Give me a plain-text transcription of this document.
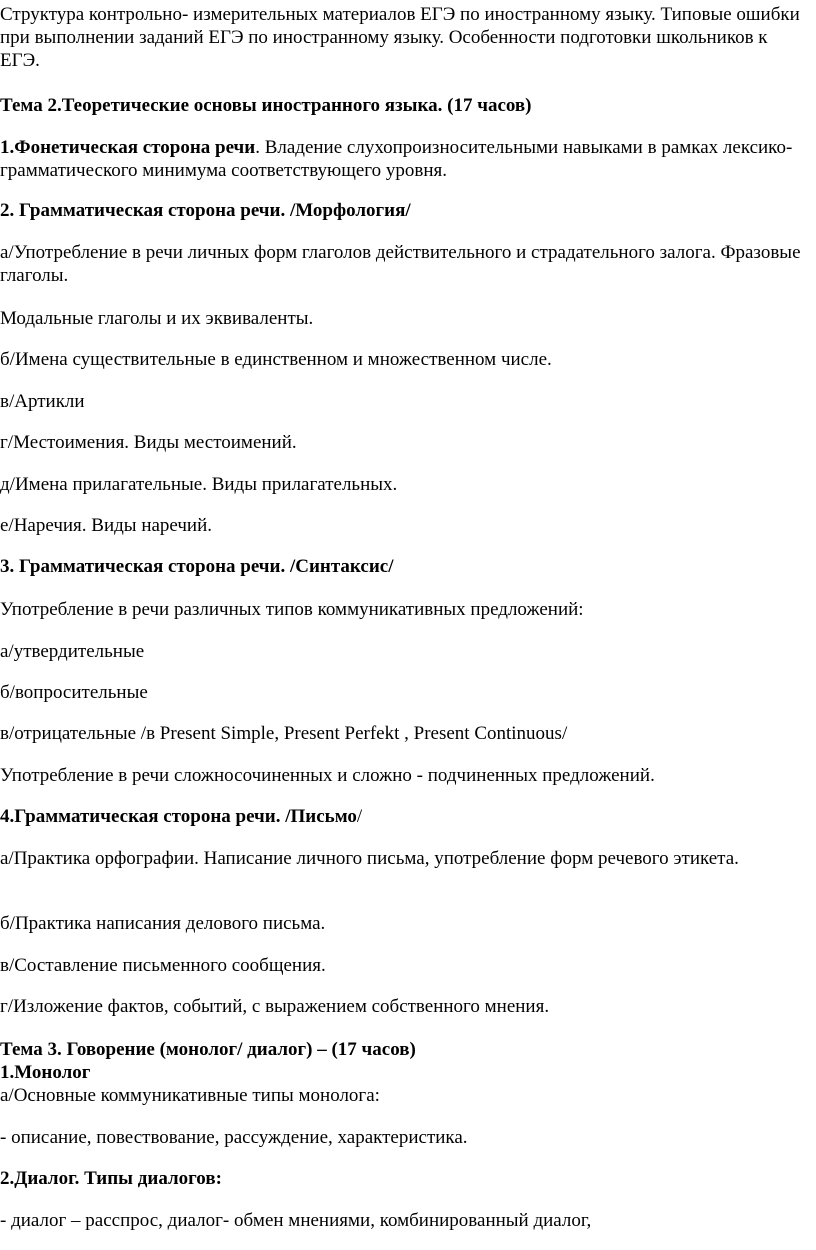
Структура контрольно- измерительных материалов ЕГЭ по иностранному языку. Типовые ошибки при выполнении заданий ЕГЭ по иностранному языку. Особенности подготовки школьников к ЕГЭ.

Тема 2.Теоретические основы иностранного языка. (17 часов)

1.Фонетическая сторона речи. Владение слухопроизносительными навыками в рамках лексико-грамматического минимума соответствующего уровня.

2. Грамматическая сторона речи. /Морфология/

а/Употребление в речи личных форм глаголов действительного и страдательного залога. Фразовые глаголы.

Модальные глаголы и их эквиваленты.

б/Имена существительные в единственном и множественном числе.

в/Артикли

г/Местоимения. Виды местоимений.

д/Имена прилагательные. Виды прилагательных.

е/Наречия. Виды наречий.

3. Грамматическая сторона речи. /Синтаксис/

Употребление в речи различных типов коммуникативных предложений:

а/утвердительные

б/вопросительные

в/отрицательные /в Present Simple, Present Perfekt , Present Continuous/

Употребление в речи сложносочиненных и сложно - подчиненных предложений.

4.Грамматическая сторона речи. /Письмо/

а/Практика орфографии. Написание личного письма, употребление форм речевого этикета.

б/Практика написания делового письма.

в/Составление письменного сообщения.

г/Изложение фактов, событий, с выражением собственного мнения.

Тема 3. Говорение (монолог/ диалог) – (17 часов)

1.Монолог

а/Основные коммуникативные типы монолога:

- описание, повествование, рассуждение, характеристика.

2.Диалог. Типы диалогов:

- диалог – расспрос, диалог- обмен мнениями, комбинированный диалог,
